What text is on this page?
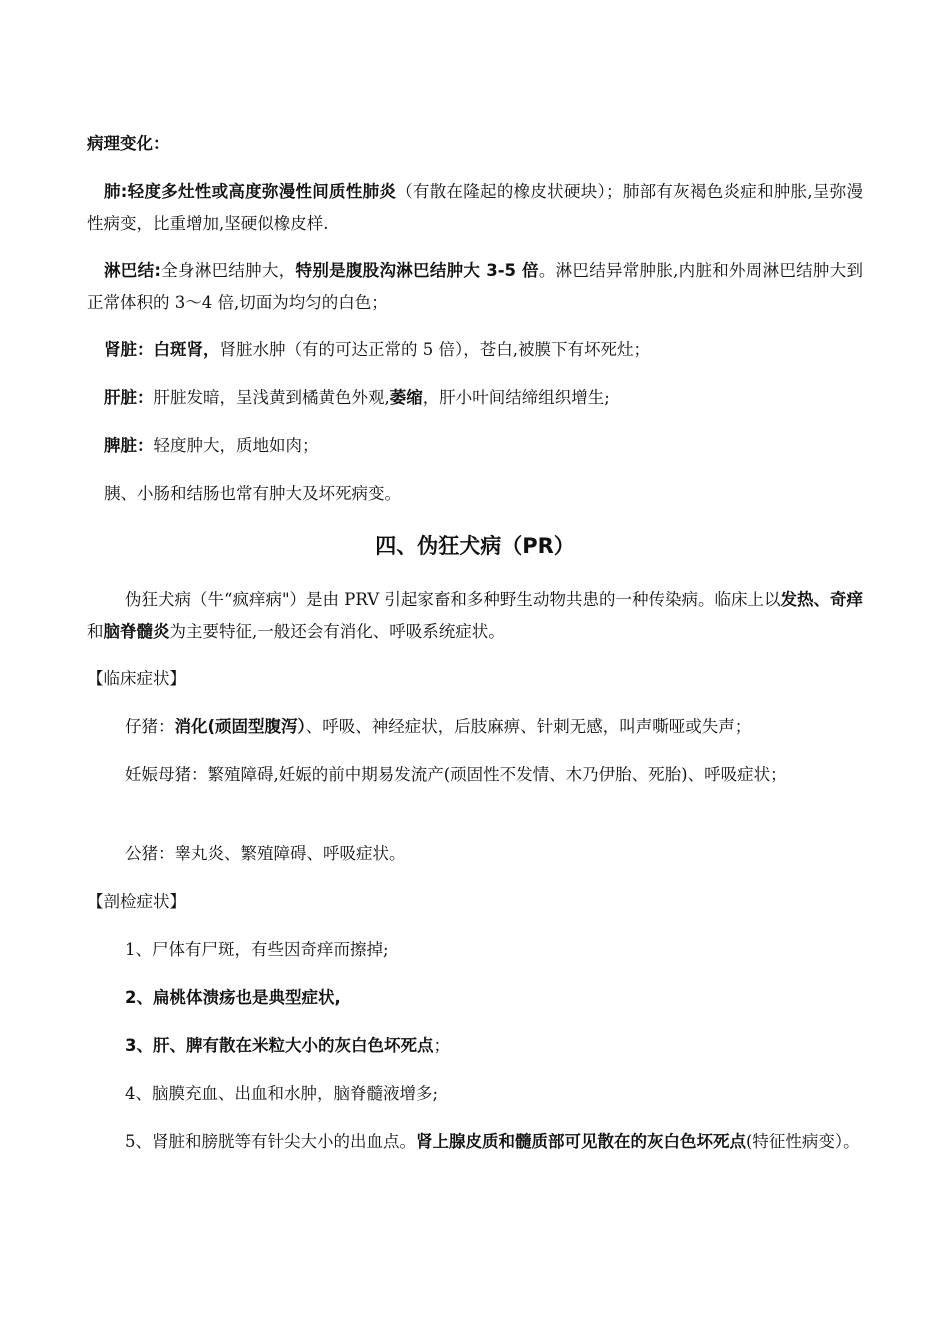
病理变化：

肺:轻度多灶性或高度弥漫性间质性肺炎（有散在隆起的橡皮状硬块）；肺部有灰褐色炎症和肿胀,呈弥漫性病变，比重增加,坚硬似橡皮样.

淋巴结:全身淋巴结肿大，特别是腹股沟淋巴结肿大 3-5 倍。淋巴结异常肿胀,内脏和外周淋巴结肿大到正常体积的 3～4 倍,切面为均匀的白色；

肾脏：白斑肾，肾脏水肿（有的可达正常的 5 倍），苍白,被膜下有坏死灶；

肝脏：肝脏发暗，呈浅黄到橘黄色外观,萎缩，肝小叶间结缔组织增生;

脾脏：轻度肿大，质地如肉；

胰、小肠和结肠也常有肿大及坏死病变。

四、伪狂犬病（PR）

伪狂犬病（牛“疯痒病"）是由 PRV 引起家畜和多种野生动物共患的一种传染病。临床上以发热、奇痒和脑脊髓炎为主要特征,一般还会有消化、呼吸系统症状。

【临床症状】

仔猪：消化(顽固型腹泻）、呼吸、神经症状，后肢麻痹、针刺无感，叫声嘶哑或失声；

妊娠母猪：繁殖障碍,妊娠的前中期易发流产(顽固性不发情、木乃伊胎、死胎)、呼吸症状；

公猪：睾丸炎、繁殖障碍、呼吸症状。

【剖检症状】

1、尸体有尸斑，有些因奇痒而擦掉;

2、扁桃体溃疡也是典型症状,

3、肝、脾有散在米粒大小的灰白色坏死点；

4、脑膜充血、出血和水肿，脑脊髓液增多;

5、肾脏和膀胱等有针尖大小的出血点。肾上腺皮质和髓质部可见散在的灰白色坏死点(特征性病变）。
